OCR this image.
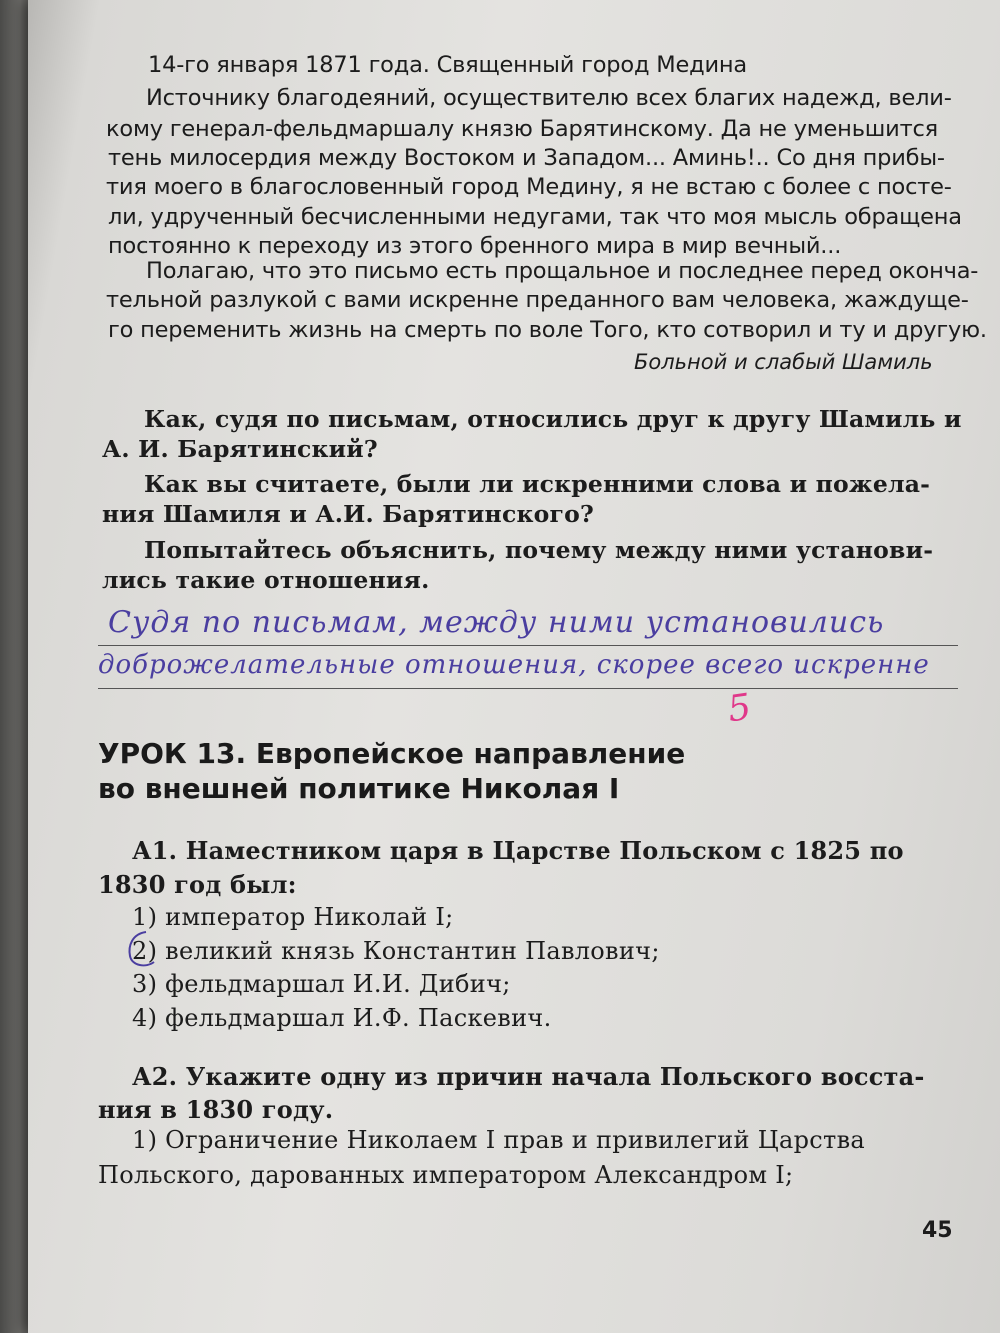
14-го января 1871 года. Священный город Медина
Источнику благодеяний, осуществителю всех благих надежд, вели-
кому генерал-фельдмаршалу князю Барятинскому. Да не уменьшится
тень милосердия между Востоком и Западом... Аминь!.. Со дня прибы-
тия моего в благословенный город Медину, я не встаю с более с посте-
ли, удрученный бесчисленными недугами, так что моя мысль обращена
постоянно к переходу из этого бренного мира в мир вечный...
Полагаю, что это письмо есть прощальное и последнее перед оконча-
тельной разлукой с вами искренне преданного вам человека, жаждуще-
го переменить жизнь на смерть по воле Того, кто сотворил и ту и другую.
Больной и слабый Шамиль
Как, судя по письмам, относились друг к другу Шамиль и
А. И. Барятинский?
Как вы считаете, были ли искренними слова и пожела-
ния Шамиля и А.И. Барятинского?
Попытайтесь объяснить, почему между ними установи-
лись такие отношения.
Судя по письмам, между ними установились
доброжелательные отношения, скорее всего искренне
5
УРОК 13. Европейское направление
во внешней политике Николая I
А1. Наместником царя в Царстве Польском с 1825 по
1830 год был:
1) император Николай I;
2) великий князь Константин Павлович;
3) фельдмаршал И.И. Дибич;
4) фельдмаршал И.Ф. Паскевич.
А2. Укажите одну из причин начала Польского восста-
ния в 1830 году.
1) Ограничение Николаем I прав и привилегий Царства
Польского, дарованных императором Александром I;
45
